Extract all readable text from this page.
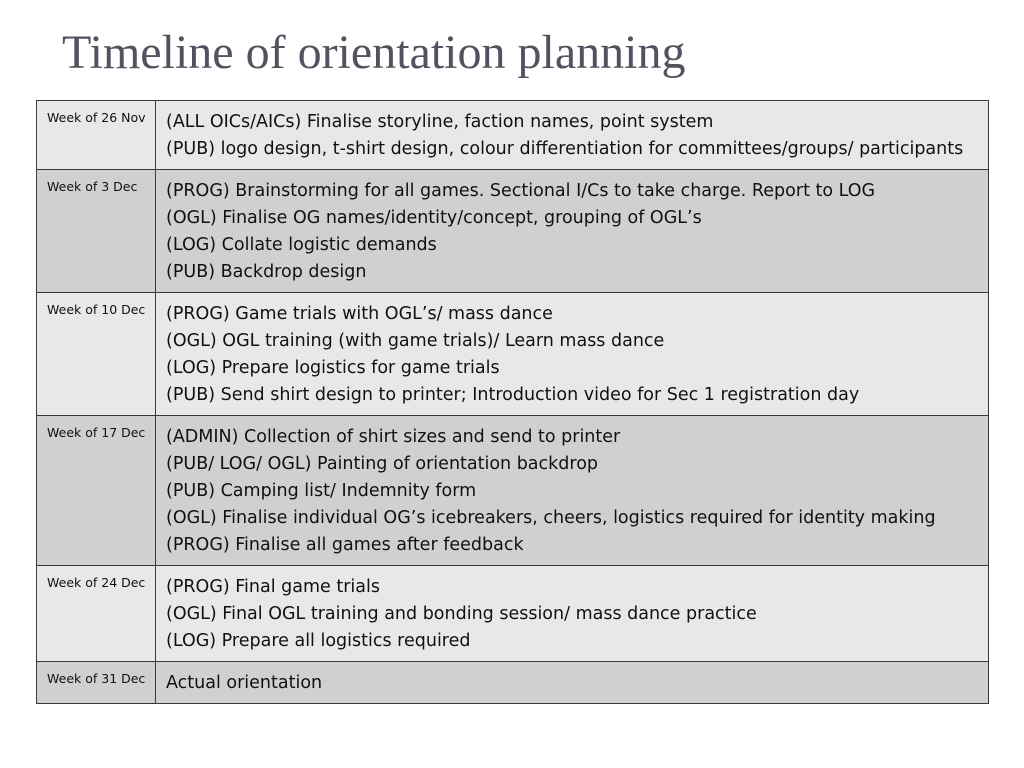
Timeline of orientation planning
Week of 26 Nov	(ALL OICs/AICs) Finalise storyline, faction names, point system
(PUB) logo design, t-shirt design, colour differentiation for committees/groups/ participants

Week of 3 Dec	(PROG) Brainstorming for all games. Sectional I/Cs to take charge. Report to LOG
(OGL) Finalise OG names/identity/concept, grouping of OGL’s
(LOG) Collate logistic demands
(PUB) Backdrop design

Week of 10 Dec	(PROG) Game trials with OGL’s/ mass dance
(OGL) OGL training (with game trials)/ Learn mass dance
(LOG) Prepare logistics for game trials
(PUB) Send shirt design to printer; Introduction video for Sec 1 registration day

Week of 17 Dec	(ADMIN) Collection of shirt sizes and send to printer
(PUB/ LOG/ OGL) Painting of orientation backdrop
(PUB) Camping list/ Indemnity form
(OGL) Finalise individual OG’s icebreakers, cheers, logistics required for identity making
(PROG) Finalise all games after feedback

Week of 24 Dec	(PROG) Final game trials
(OGL) Final OGL training and bonding session/ mass dance practice
(LOG) Prepare all logistics required

Week of 31 Dec	Actual orientation
